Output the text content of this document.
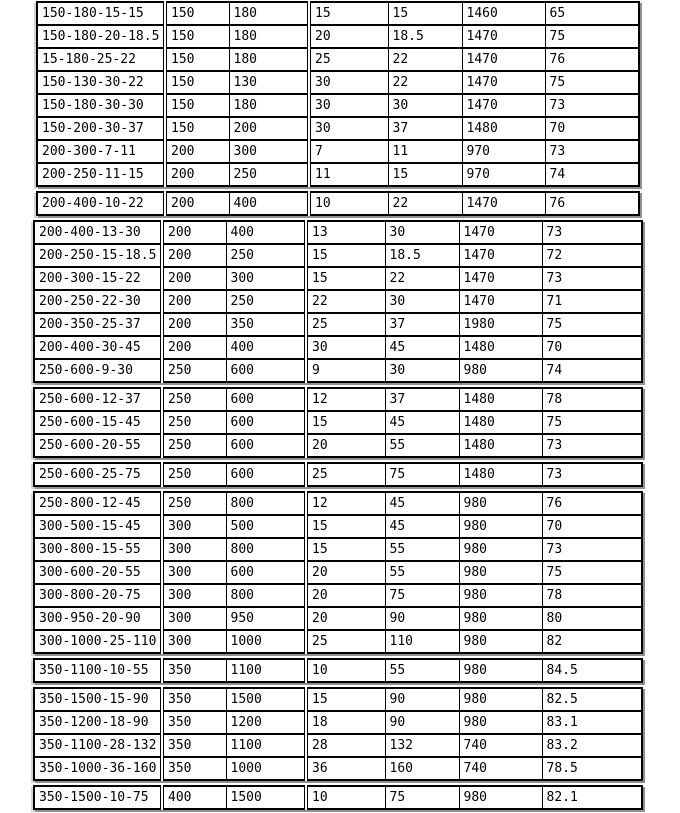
150-180-15-15	150	180	15	15	1460	65
150-180-20-18.5	150	180	20	18.5	1470	75
15-180-25-22	150	180	25	22	1470	76
150-130-30-22	150	130	30	22	1470	75
150-180-30-30	150	180	30	30	1470	73
150-200-30-37	150	200	30	37	1480	70
200-300-7-11	200	300	7	11	970	73
200-250-11-15	200	250	11	15	970	74
200-400-10-22	200	400	10	22	1470	76
200-400-13-30	200	400	13	30	1470	73
200-250-15-18.5	200	250	15	18.5	1470	72
200-300-15-22	200	300	15	22	1470	73
200-250-22-30	200	250	22	30	1470	71
200-350-25-37	200	350	25	37	1980	75
200-400-30-45	200	400	30	45	1480	70
250-600-9-30	250	600	9	30	980	74
250-600-12-37	250	600	12	37	1480	78
250-600-15-45	250	600	15	45	1480	75
250-600-20-55	250	600	20	55	1480	73
250-600-25-75	250	600	25	75	1480	73
250-800-12-45	250	800	12	45	980	76
300-500-15-45	300	500	15	45	980	70
300-800-15-55	300	800	15	55	980	73
300-600-20-55	300	600	20	55	980	75
300-800-20-75	300	800	20	75	980	78
300-950-20-90	300	950	20	90	980	80
300-1000-25-110	300	1000	25	110	980	82
350-1100-10-55	350	1100	10	55	980	84.5
350-1500-15-90	350	1500	15	90	980	82.5
350-1200-18-90	350	1200	18	90	980	83.1
350-1100-28-132	350	1100	28	132	740	83.2
350-1000-36-160	350	1000	36	160	740	78.5
350-1500-10-75	400	1500	10	75	980	82.1
